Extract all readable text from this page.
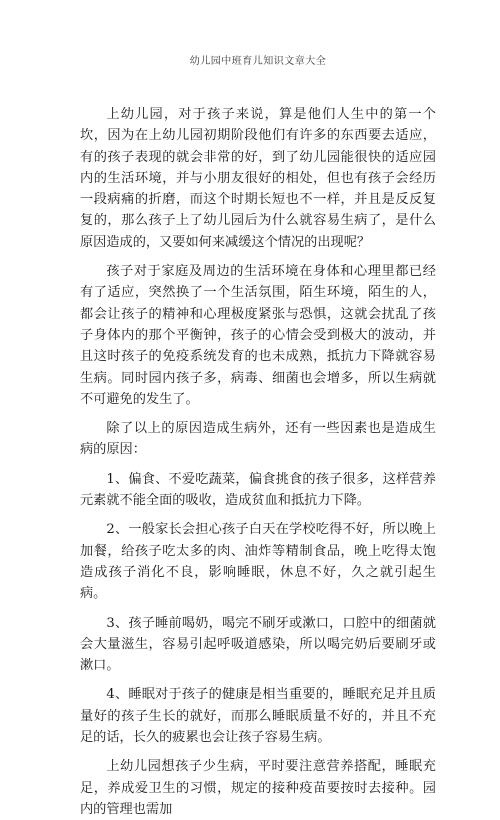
幼儿园中班育儿知识文章大全

上幼儿园，对于孩子来说，算是他们人生中的第一个坎，因为在上幼儿园初期阶段他们有许多的东西要去适应，有的孩子表现的就会非常的好，到了幼儿园能很快的适应园内的生活环境，并与小朋友很好的相处，但也有孩子会经历一段病痛的折磨，而这个时期长短也不一样，并且是反反复复的，那么孩子上了幼儿园后为什么就容易生病了，是什么原因造成的，又要如何来减缓这个情况的出现呢？

孩子对于家庭及周边的生活环境在身体和心理里都已经有了适应，突然换了一个生活氛围，陌生环境，陌生的人，都会让孩子的精神和心理极度紧张与恐惧，这就会扰乱了孩子身体内的那个平衡钟，孩子的心情会受到极大的波动，并且这时孩子的免疫系统发育的也未成熟，抵抗力下降就容易生病。同时园内孩子多，病毒、细菌也会增多，所以生病就不可避免的发生了。

除了以上的原因造成生病外，还有一些因素也是造成生病的原因：

1、偏食、不爱吃蔬菜，偏食挑食的孩子很多，这样营养元素就不能全面的吸收，造成贫血和抵抗力下降。

2、一般家长会担心孩子白天在学校吃得不好，所以晚上加餐，给孩子吃太多的肉、油炸等精制食品，晚上吃得太饱造成孩子消化不良，影响睡眠，休息不好，久之就引起生病。

3、孩子睡前喝奶，喝完不刷牙或漱口，口腔中的细菌就会大量滋生，容易引起呼吸道感染，所以喝完奶后要刷牙或漱口。

4、睡眠对于孩子的健康是相当重要的，睡眠充足并且质量好的孩子生长的就好，而那么睡眠质量不好的，并且不充足的话，长久的疲累也会让孩子容易生病。

上幼儿园想孩子少生病，平时要注意营养搭配，睡眠充足，养成爱卫生的习惯，规定的接种疫苗要按时去接种。园内的管理也需加
